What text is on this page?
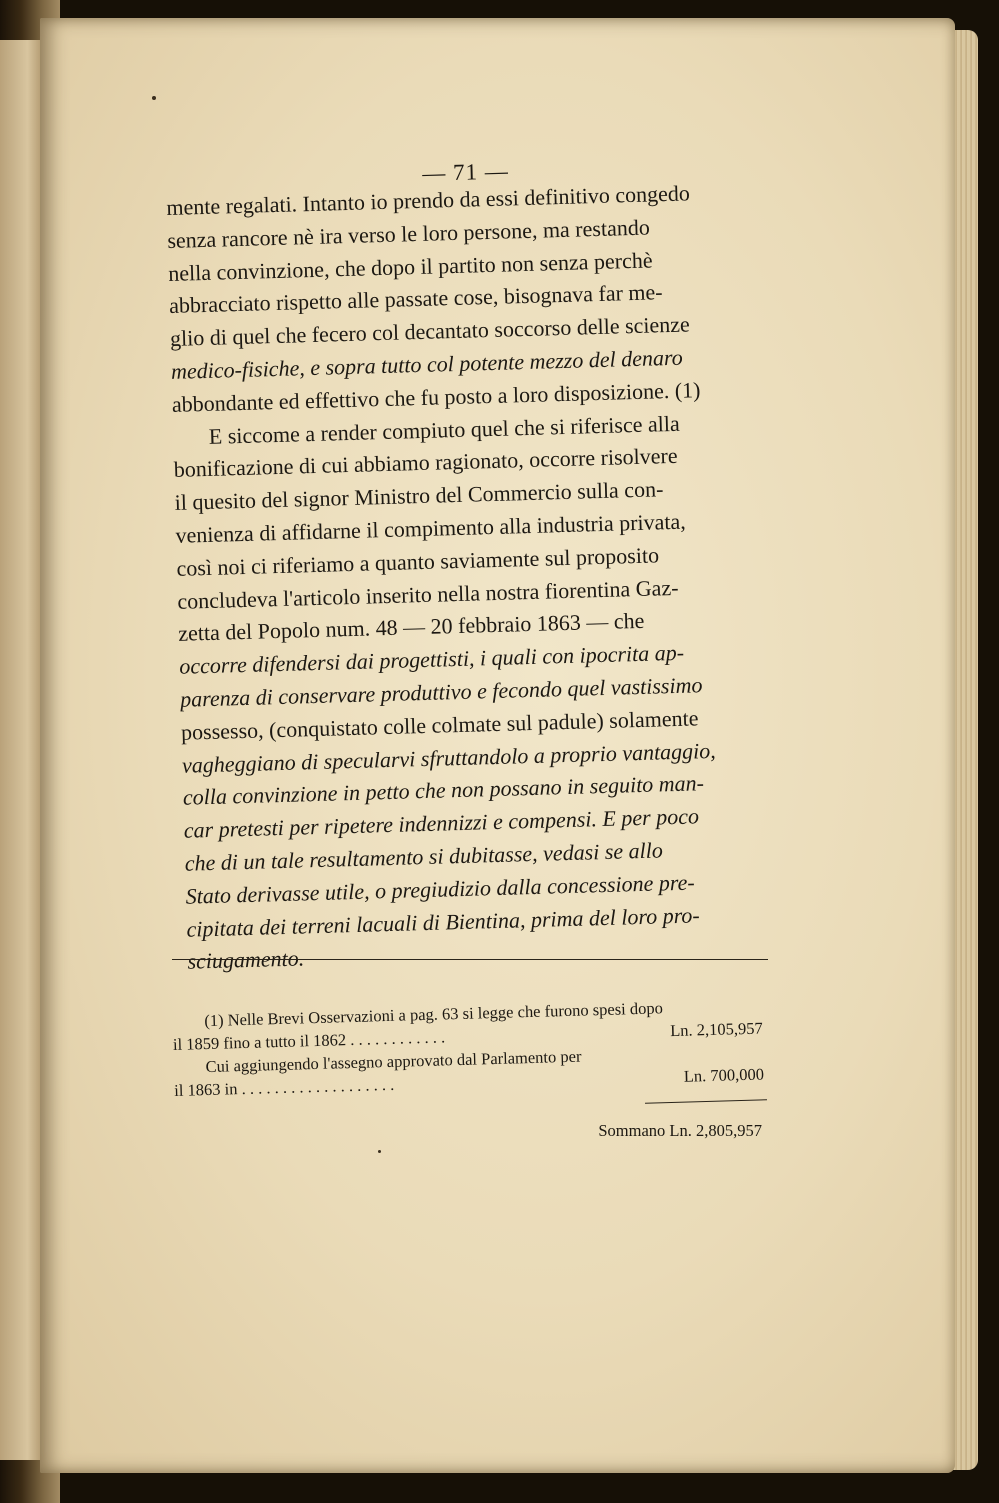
— 71 —
mente regalati. Intanto io prendo da essi definitivo congedo
senza rancore nè ira verso le loro persone, ma restando
nella convinzione, che dopo il partito non senza perchè
abbracciato rispetto alle passate cose, bisognava far me-
glio di quel che fecero col decantato soccorso delle scienze
medico-fisiche, e sopra tutto col potente mezzo del denaro
abbondante ed effettivo che fu posto a loro disposizione. (1)
E siccome a render compiuto quel che si riferisce alla
bonificazione di cui abbiamo ragionato, occorre risolvere
il quesito del signor Ministro del Commercio sulla con-
venienza di affidarne il compimento alla industria privata,
così noi ci riferiamo a quanto saviamente sul proposito
concludeva l'articolo inserito nella nostra fiorentina Gaz-
zetta del Popolo num. 48 — 20 febbraio 1863 — che
occorre difendersi dai progettisti, i quali con ipocrita ap-
parenza di conservare produttivo e fecondo quel vastissimo
possesso, (conquistato colle colmate sul padule) solamente
vagheggiano di specularvi sfruttandolo a proprio vantaggio,
colla convinzione in petto che non possano in seguito man-
car pretesti per ripetere indennizzi e compensi. E per poco
che di un tale resultamento si dubitasse, vedasi se allo
Stato derivasse utile, o pregiudizio dalla concessione pre-
cipitata dei terreni lacuali di Bientina, prima del loro pro-
sciugamento.
(1) Nelle Brevi Osservazioni a pag. 63 si legge che furono spesi dopo
il 1859 fino a tutto il 1862 . . . . . . . . . . . .	Ln. 2,105,957
Cui aggiungendo l'assegno approvato dal Parlamento per
il 1863 in . . . . . . . . . . . . . . . . . . .	Ln. 700,000
Sommano Ln. 2,805,957
